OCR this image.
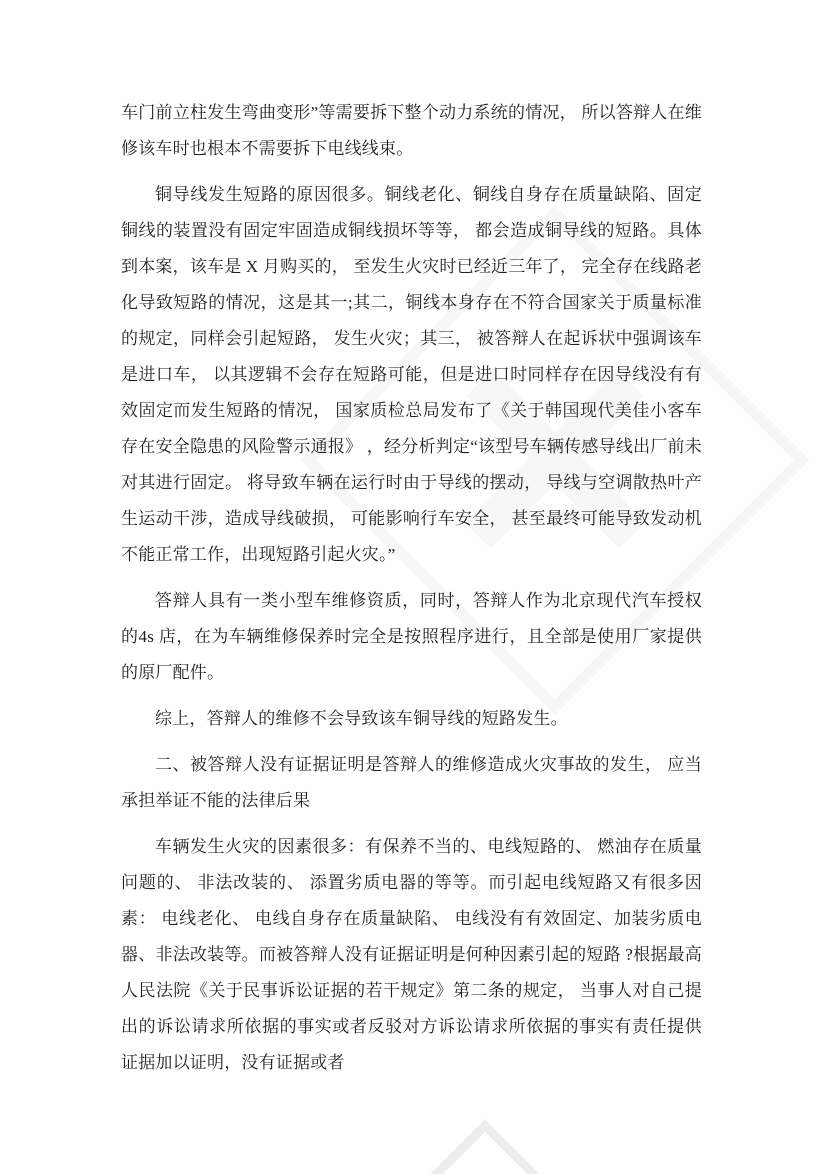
车门前立柱发生弯曲变形”等需要拆下整个动力系统的情况， 所以答辩人在维修该车时也根本不需要拆下电线线束。

铜导线发生短路的原因很多。铜线老化、铜线自身存在质量缺陷、固定铜线的装置没有固定牢固造成铜线损坏等等， 都会造成铜导线的短路。具体到本案，该车是 X 月购买的， 至发生火灾时已经近三年了， 完全存在线路老化导致短路的情况，这是其一;其二，铜线本身存在不符合国家关于质量标准的规定，同样会引起短路， 发生火灾；其三， 被答辩人在起诉状中强调该车是进口车， 以其逻辑不会存在短路可能，但是进口时同样存在因导线没有有效固定而发生短路的情况， 国家质检总局发布了《关于韩国现代美佳小客车存在安全隐患的风险警示通报》 ，经分析判定“该型号车辆传感导线出厂前未对其进行固定。 将导致车辆在运行时由于导线的摆动， 导线与空调散热叶产生运动干涉，造成导线破损， 可能影响行车安全， 甚至最终可能导致发动机不能正常工作，出现短路引起火灾。”

答辩人具有一类小型车维修资质，同时，答辩人作为北京现代汽车授权的4s 店，在为车辆维修保养时完全是按照程序进行，且全部是使用厂家提供的原厂配件。

综上，答辩人的维修不会导致该车铜导线的短路发生。

二、被答辩人没有证据证明是答辩人的维修造成火灾事故的发生， 应当承担举证不能的法律后果

车辆发生火灾的因素很多：有保养不当的、电线短路的、 燃油存在质量问题的、 非法改装的、 添置劣质电器的等等。而引起电线短路又有很多因素： 电线老化、 电线自身存在质量缺陷、 电线没有有效固定、加装劣质电器、非法改装等。而被答辩人没有证据证明是何种因素引起的短路 ?根据最高人民法院《关于民事诉讼证据的若干规定》第二条的规定， 当事人对自己提出的诉讼请求所依据的事实或者反驳对方诉讼请求所依据的事实有责任提供证据加以证明，没有证据或者
